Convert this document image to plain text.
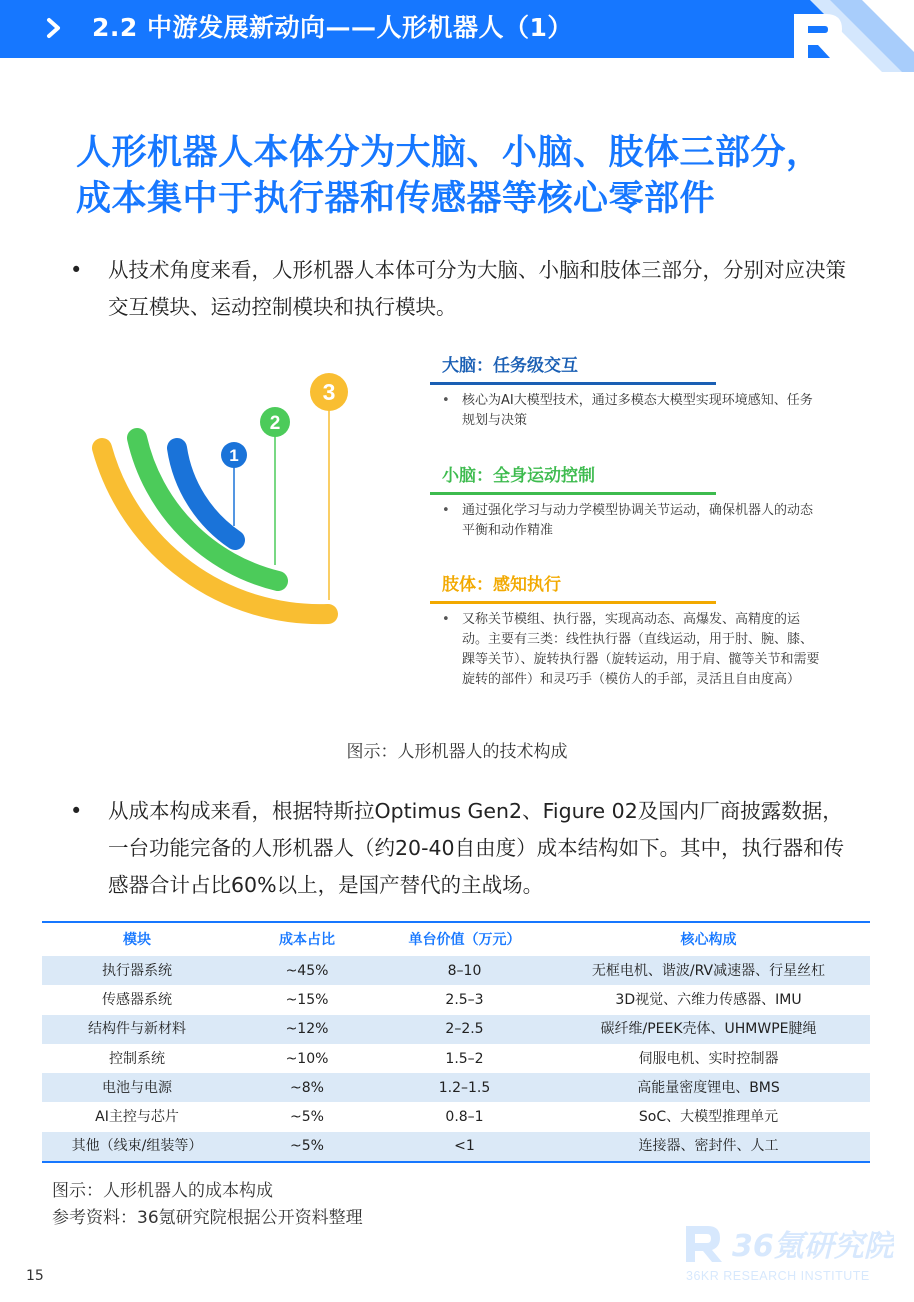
2.2 中游发展新动向——人形机器人（1）
人形机器人本体分为大脑、小脑、肢体三部分，
成本集中于执行器和传感器等核心零部件
• 从技术角度来看，人形机器人本体可分为大脑、小脑和肢体三部分，分别对应决策交互模块、运动控制模块和执行模块。
1
2
3
大脑：任务级交互
• 核心为AI大模型技术，通过多模态大模型实现环境感知、任务规划与决策
小脑：全身运动控制
• 通过强化学习与动力学模型协调关节运动，确保机器人的动态平衡和动作精准
肢体：感知执行
• 又称关节模组、执行器，实现高动态、高爆发、高精度的运动。主要有三类：线性执行器（直线运动，用于肘、腕、膝、踝等关节）、旋转执行器（旋转运动，用于肩、髋等关节和需要旋转的部件）和灵巧手（模仿人的手部，灵活且自由度高）
图示：人形机器人的技术构成
• 从成本构成来看，根据特斯拉Optimus Gen2、Figure 02及国内厂商披露数据，一台功能完备的人形机器人（约20-40自由度）成本结构如下。其中，执行器和传感器合计占比60%以上，是国产替代的主战场。
模块	成本占比	单台价值（万元）	核心构成
执行器系统	~45%	8–10	无框电机、谐波/RV减速器、行星丝杠
传感器系统	~15%	2.5–3	3D视觉、六维力传感器、IMU
结构件与新材料	~12%	2–2.5	碳纤维/PEEK壳体、UHMWPE腱绳
控制系统	~10%	1.5–2	伺服电机、实时控制器
电池与电源	~8%	1.2–1.5	高能量密度锂电、BMS
AI主控与芯片	~5%	0.8–1	SoC、大模型推理单元
其他（线束/组装等）	~5%	<1	连接器、密封件、人工
图示：人形机器人的成本构成
参考资料：36氪研究院根据公开资料整理
15
36氪研究院
36KR RESEARCH INSTITUTE
